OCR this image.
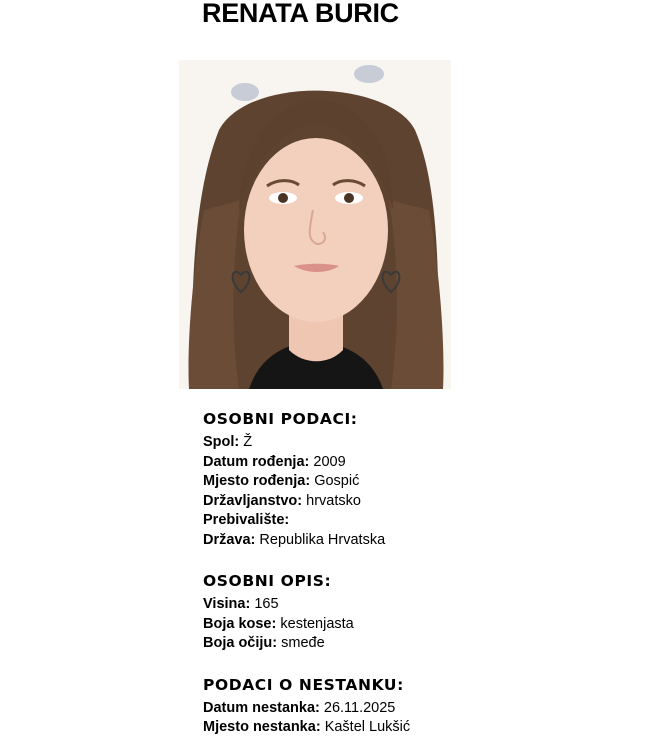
RENATA BURIC
OSOBNI PODACI:
Spol: Ž
Datum rođenja: 2009
Mjesto rođenja: Gospić
Državljanstvo: hrvatsko
Prebivalište:
Država: Republika Hrvatska
OSOBNI OPIS:
Visina: 165
Boja kose: kestenjasta
Boja očiju: smeđe
PODACI O NESTANKU:
Datum nestanka: 26.11.2025
Mjesto nestanka: Kaštel Lukšić
